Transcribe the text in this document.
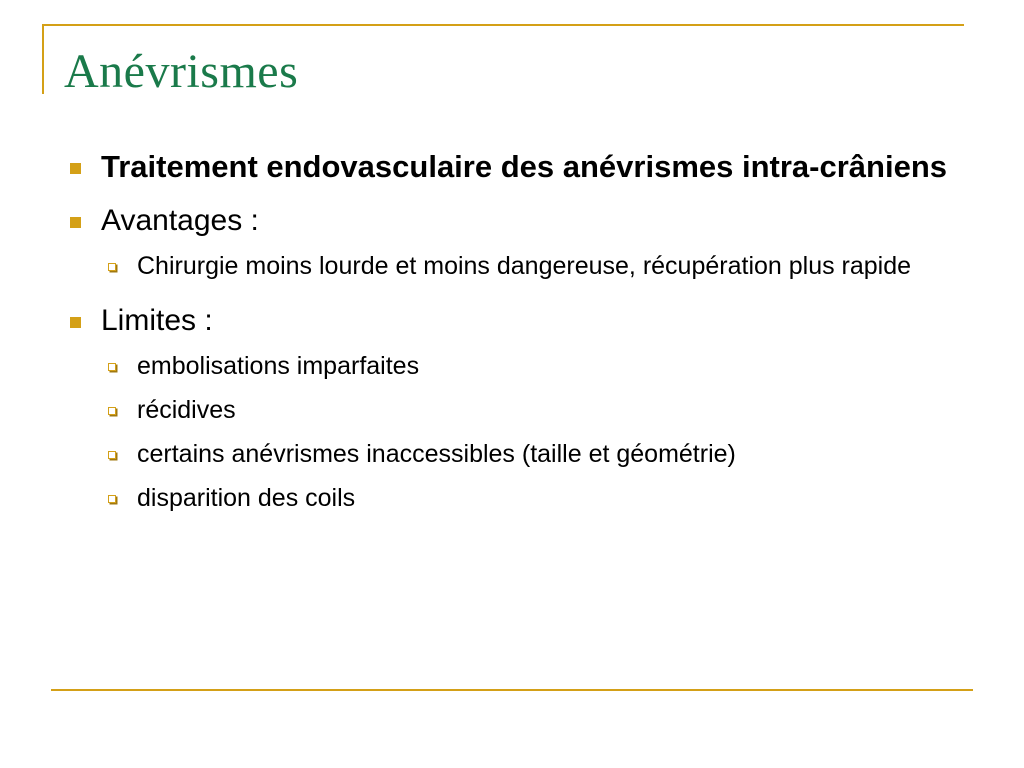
Anévrismes
Traitement endovasculaire des anévrismes intra-crâniens
Avantages :
Chirurgie moins lourde et moins dangereuse, récupération plus rapide
Limites :
embolisations imparfaites
récidives
certains anévrismes inaccessibles (taille et géométrie)
disparition des coils
